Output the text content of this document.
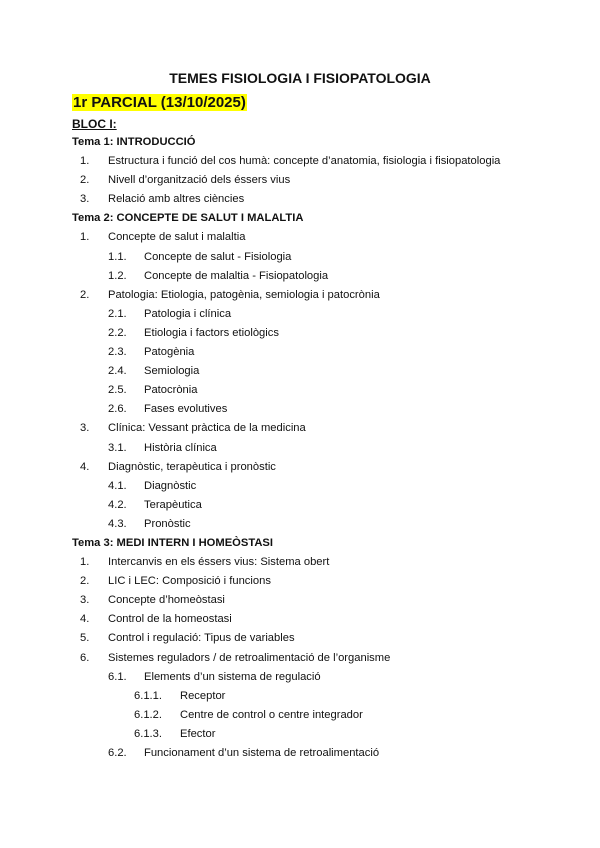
TEMES FISIOLOGIA I FISIOPATOLOGIA
1r PARCIAL (13/10/2025)
BLOC I:
Tema 1: INTRODUCCIÓ
1. Estructura i funció del cos humà: concepte d’anatomia, fisiologia i fisiopatologia
2. Nivell d’organització dels éssers vius
3. Relació amb altres ciències
Tema 2: CONCEPTE DE SALUT I MALALTIA
1. Concepte de salut i malaltia
1.1. Concepte de salut - Fisiologia
1.2. Concepte de malaltia - Fisiopatologia
2. Patologia: Etiologia, patogènia, semiologia i patocrònia
2.1. Patologia i clínica
2.2. Etiologia i factors etiològics
2.3. Patogènia
2.4. Semiologia
2.5. Patocrònia
2.6. Fases evolutives
3. Clínica: Vessant pràctica de la medicina
3.1. Història clínica
4. Diagnòstic, terapèutica i pronòstic
4.1. Diagnòstic
4.2. Terapèutica
4.3. Pronòstic
Tema 3: MEDI INTERN I HOMEÒSTASI
1. Intercanvis en els éssers vius: Sistema obert
2. LIC i LEC: Composició i funcions
3. Concepte d’homeòstasi
4. Control de la homeostasi
5. Control i regulació: Tipus de variables
6. Sistemes reguladors / de retroalimentació de l’organisme
6.1. Elements d’un sistema de regulació
6.1.1. Receptor
6.1.2. Centre de control o centre integrador
6.1.3. Efector
6.2. Funcionament d’un sistema de retroalimentació
